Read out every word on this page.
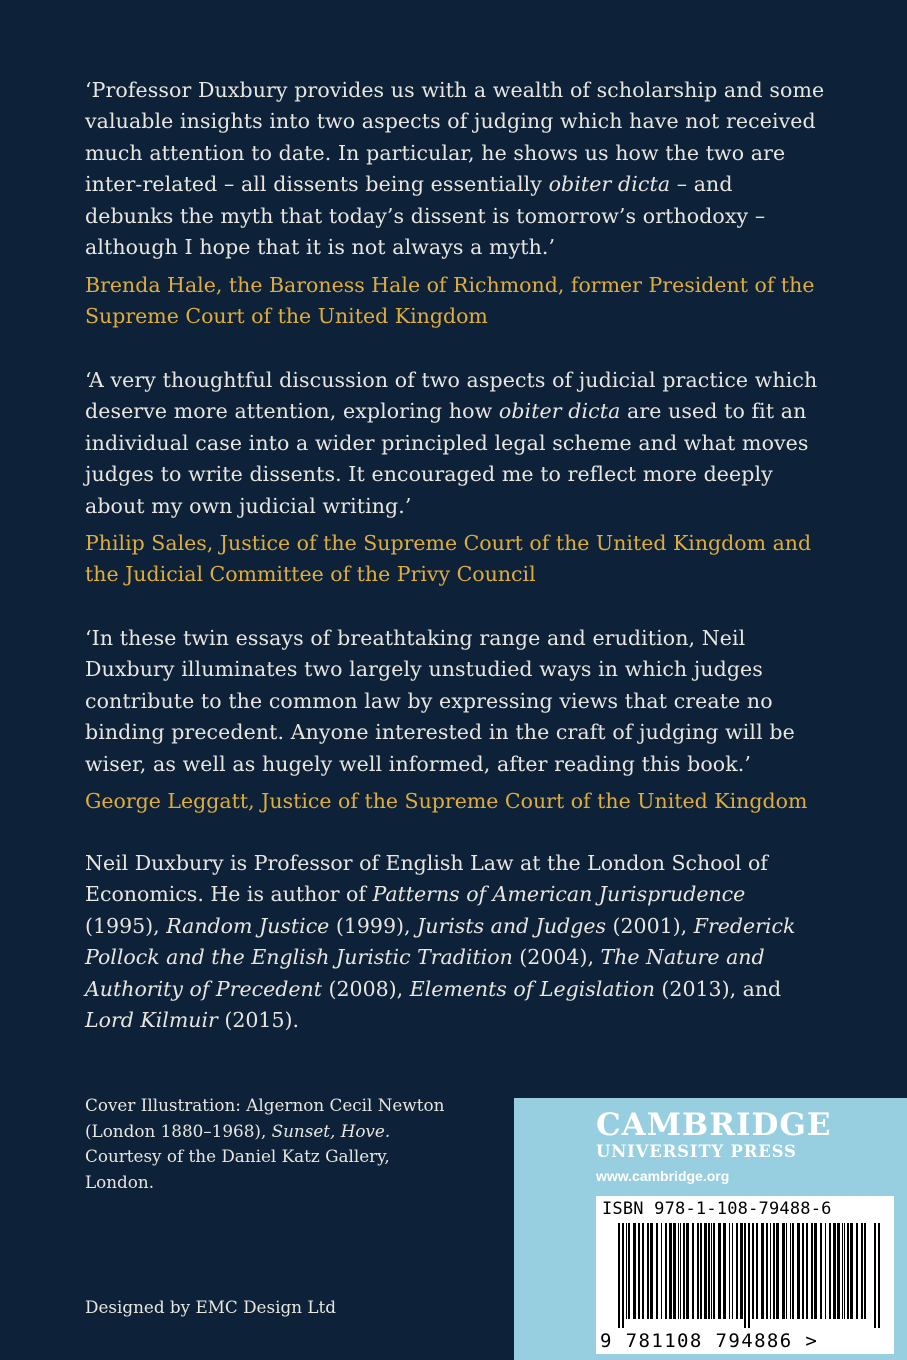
‘Professor Duxbury provides us with a wealth of scholarship and some valuable insights into two aspects of judging which have not received much attention to date. In particular, he shows us how the two are inter-related – all dissents being essentially obiter dicta – and debunks the myth that today’s dissent is tomorrow’s orthodoxy – although I hope that it is not always a myth.’

Brenda Hale, the Baroness Hale of Richmond, former President of the Supreme Court of the United Kingdom

‘A very thoughtful discussion of two aspects of judicial practice which deserve more attention, exploring how obiter dicta are used to fit an individual case into a wider principled legal scheme and what moves judges to write dissents. It encouraged me to reflect more deeply about my own judicial writing.’

Philip Sales, Justice of the Supreme Court of the United Kingdom and the Judicial Committee of the Privy Council

‘In these twin essays of breathtaking range and erudition, Neil Duxbury illuminates two largely unstudied ways in which judges contribute to the common law by expressing views that create no binding precedent. Anyone interested in the craft of judging will be wiser, as well as hugely well informed, after reading this book.’

George Leggatt, Justice of the Supreme Court of the United Kingdom
Neil Duxbury is Professor of English Law at the London School of Economics. He is author of Patterns of American Jurisprudence (1995), Random Justice (1999), Jurists and Judges (2001), Frederick Pollock and the English Juristic Tradition (2004), The Nature and Authority of Precedent (2008), Elements of Legislation (2013), and Lord Kilmuir (2015).
Cover Illustration: Algernon Cecil Newton
(London 1880–1968), Sunset, Hove.
Courtesy of the Daniel Katz Gallery,
London.
Designed by EMC Design Ltd
CAMBRIDGE
UNIVERSITY PRESS
www.cambridge.org
ISBN 978-1-108-79488-6
9 781108 794886 >
